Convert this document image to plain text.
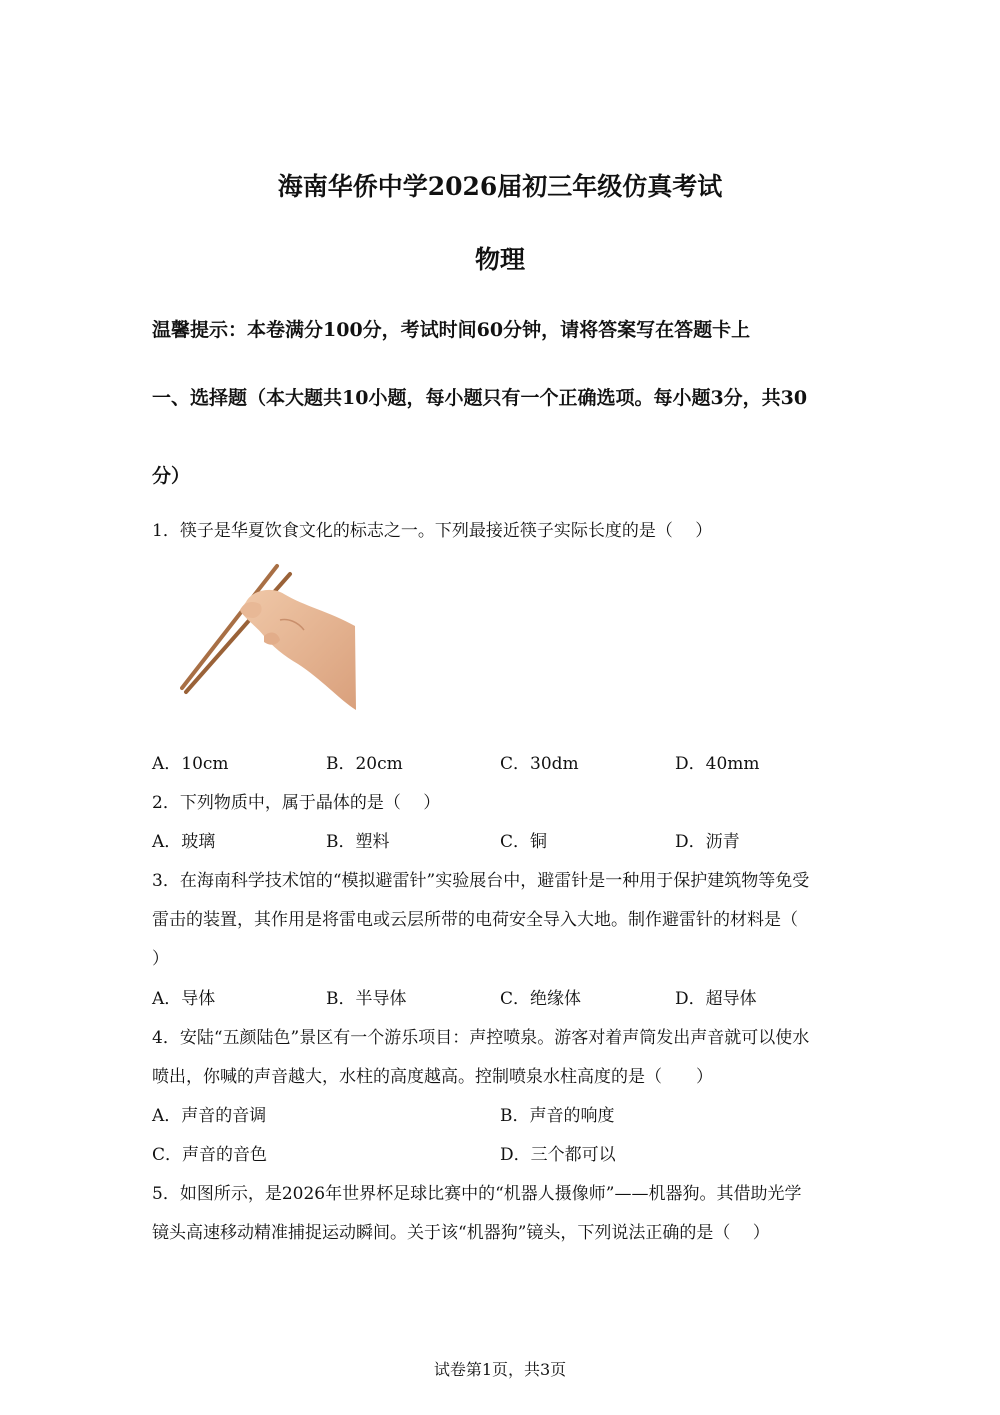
海南华侨中学2026届初三年级仿真考试
物理
温馨提示：本卷满分100分，考试时间60分钟，请将答案写在答题卡上
一、选择题（本大题共10小题，每小题只有一个正确选项。每小题3分，共30
分）
1．筷子是华夏饮食文化的标志之一。下列最接近筷子实际长度的是（　 ）
A．10cm	B．20cm	C．30dm	D．40mm
2．下列物质中，属于晶体的是（　 ）
A．玻璃	B．塑料	C．铜	D．沥青
3．在海南科学技术馆的“模拟避雷针”实验展台中，避雷针是一种用于保护建筑物等免受
雷击的装置，其作用是将雷电或云层所带的电荷安全导入大地。制作避雷针的材料是（
）
A．导体	B．半导体	C．绝缘体	D．超导体
4．安陆“五颜陆色”景区有一个游乐项目：声控喷泉。游客对着声筒发出声音就可以使水
喷出，你喊的声音越大，水柱的高度越高。控制喷泉水柱高度的是（　　）
A．声音的音调	B．声音的响度
C．声音的音色	D．三个都可以
5．如图所示，是2026年世界杯足球比赛中的“机器人摄像师”——机器狗。其借助光学
镜头高速移动精准捕捉运动瞬间。关于该“机器狗”镜头，下列说法正确的是（　 ）
试卷第1页，共3页
